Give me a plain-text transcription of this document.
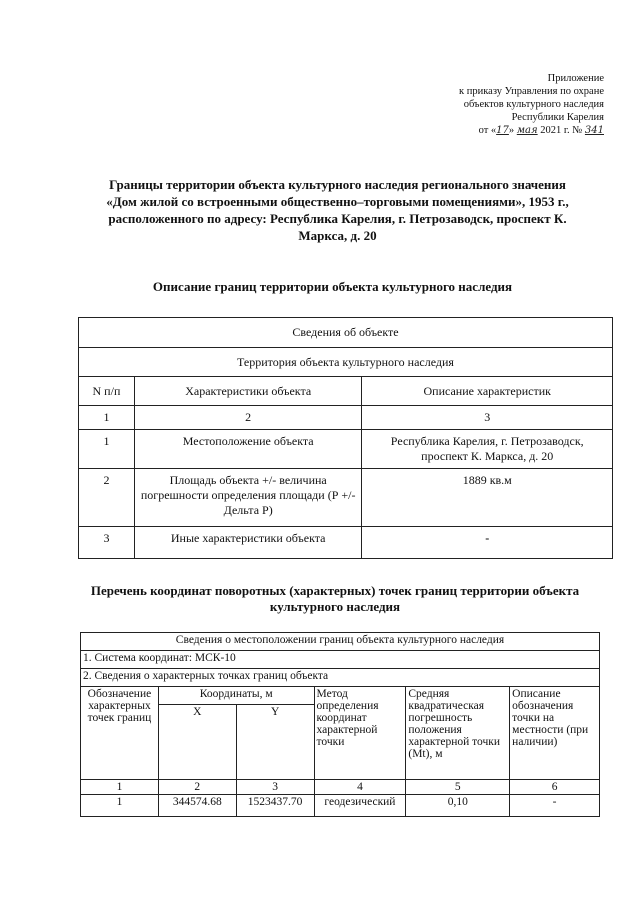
Приложение
к приказу Управления по охране
объектов культурного наследия
Республики Карелия
от «17» мая 2021 г. № 341
Границы территории объекта культурного наследия регионального значения «Дом жилой со встроенными общественно–торговыми помещениями», 1953 г., расположенного по адресу: Республика Карелия, г. Петрозаводск, проспект К. Маркса, д. 20
Описание границ территории объекта культурного наследия
Сведения об объекте		
Территория объекта культурного наследия		
N п/п	Характеристики объекта	Описание характеристик
1	2	3
1	Местоположение объекта	Республика Карелия, г. Петрозаводск, проспект К. Маркса, д. 20
2	Площадь объекта +/- величина погрешности определения площади (Р +/- Дельта Р)	1889 кв.м
3	Иные характеристики объекта	-
Перечень координат поворотных (характерных) точек границ территории объекта культурного наследия
Сведения о местоположении границ объекта культурного наследия					
1. Система координат: МСК-10					
2. Сведения о характерных точках границ объекта					
Обозначение характерных точек границ	Координаты, м		Метод определения координат характерной точки	Средняя квадратическая погрешность положения характерной точки (Mt), м	Описание обозначения точки на местности (при наличии)
	X	Y			
1	2	3	4	5	6
1	344574.68	1523437.70	геодезический	0,10	-
